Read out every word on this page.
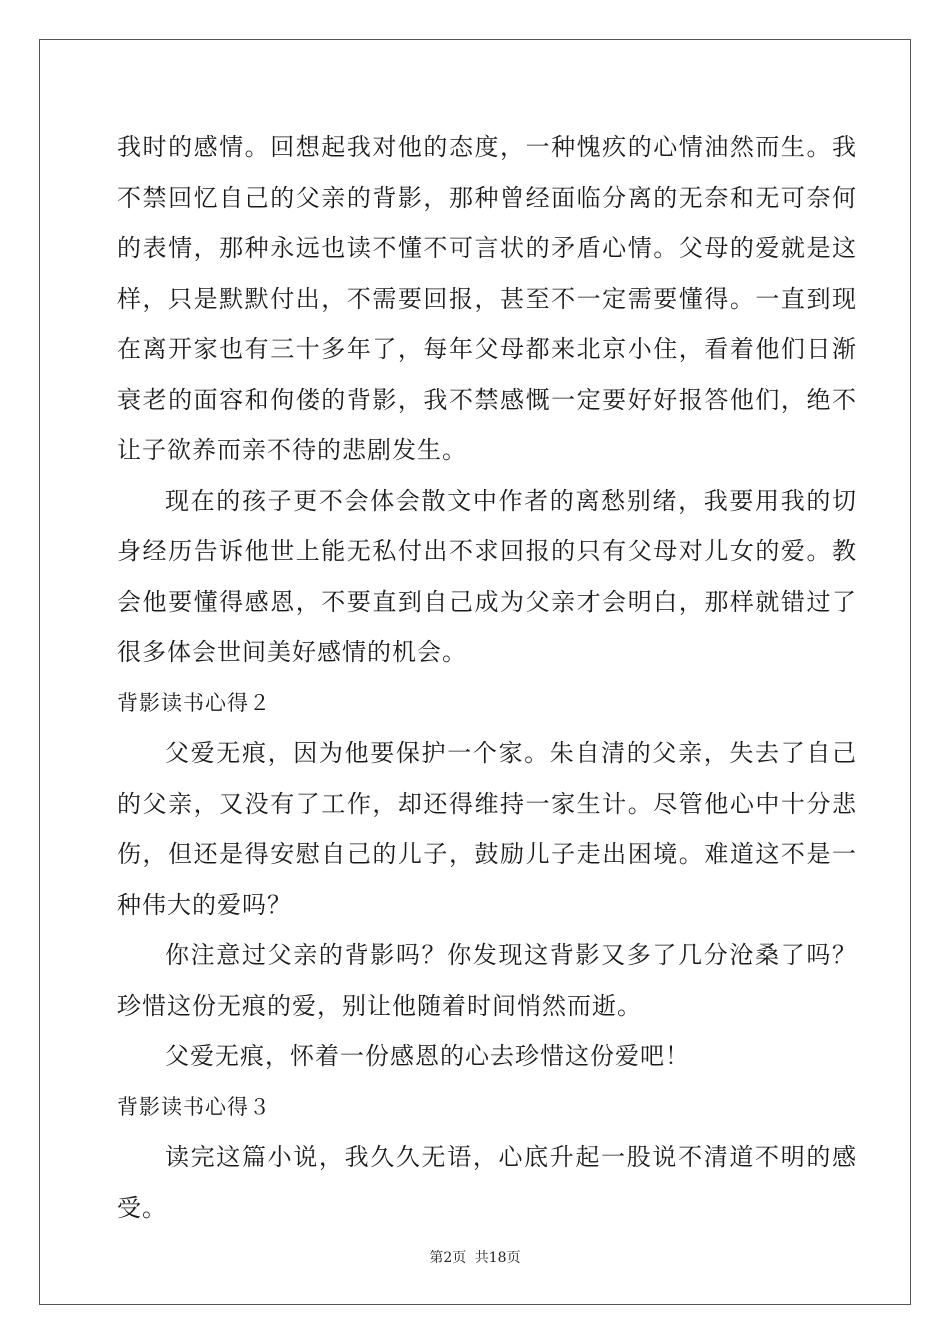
我时的感情。回想起我对他的态度，一种愧疚的心情油然而生。我不禁回忆自己的父亲的背影，那种曾经面临分离的无奈和无可奈何的表情，那种永远也读不懂不可言状的矛盾心情。父母的爱就是这样，只是默默付出，不需要回报，甚至不一定需要懂得。一直到现在离开家也有三十多年了，每年父母都来北京小住，看着他们日渐衰老的面容和佝偻的背影，我不禁感慨一定要好好报答他们，绝不让子欲养而亲不待的悲剧发生。

现在的孩子更不会体会散文中作者的离愁别绪，我要用我的切身经历告诉他世上能无私付出不求回报的只有父母对儿女的爱。教会他要懂得感恩，不要直到自己成为父亲才会明白，那样就错过了很多体会世间美好感情的机会。

背影读书心得２

父爱无痕，因为他要保护一个家。朱自清的父亲，失去了自己的父亲，又没有了工作，却还得维持一家生计。尽管他心中十分悲伤，但还是得安慰自己的儿子，鼓励儿子走出困境。难道这不是一种伟大的爱吗？

你注意过父亲的背影吗？你发现这背影又多了几分沧桑了吗？珍惜这份无痕的爱，别让他随着时间悄然而逝。

父爱无痕，怀着一份感恩的心去珍惜这份爱吧！

背影读书心得３

读完这篇小说，我久久无语，心底升起一股说不清道不明的感受。

第2页 共18页
